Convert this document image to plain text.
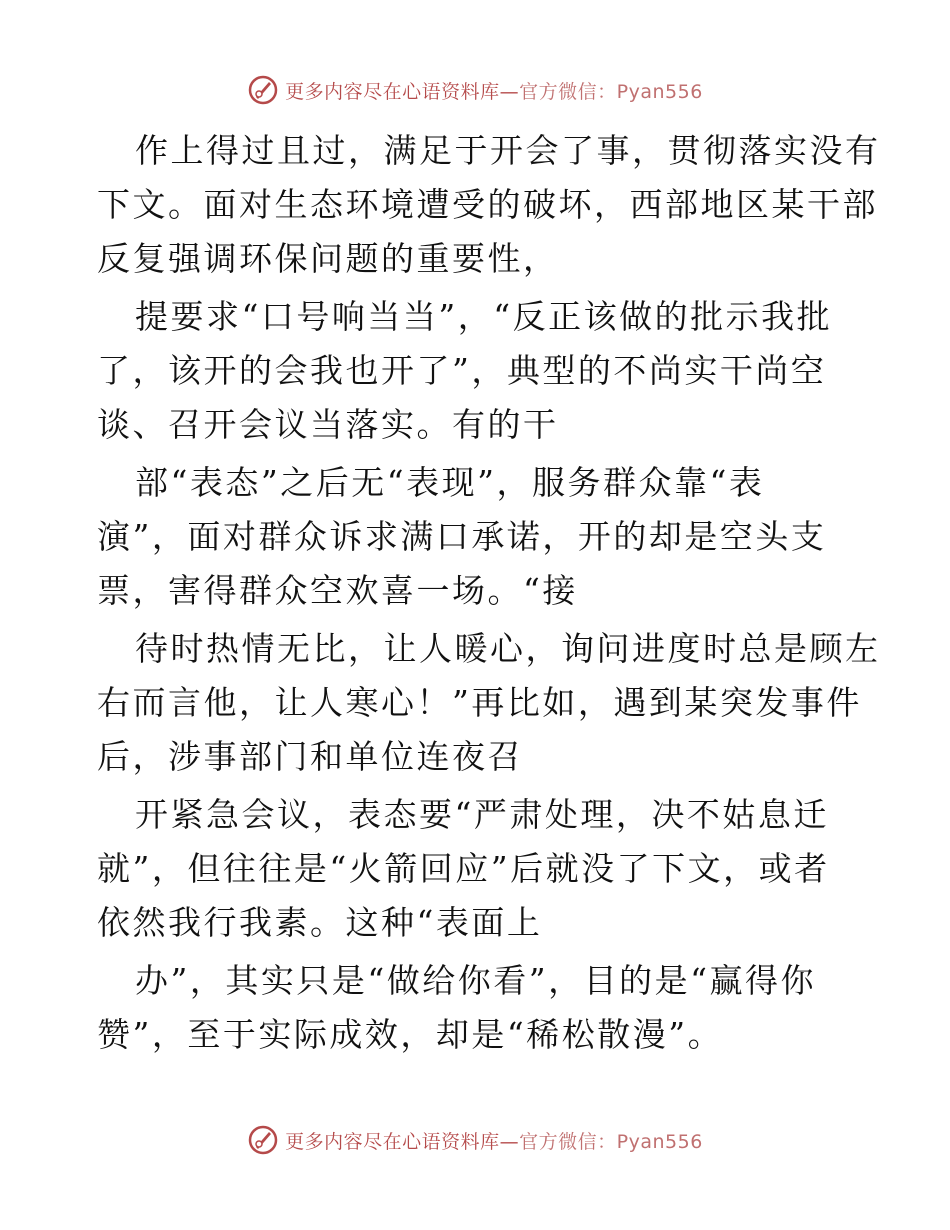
更多内容尽在心语资料库—官方微信：Pyan556
作上得过且过，满足于开会了事，贯彻落实没有
下文。面对生态环境遭受的破坏，西部地区某干部
反复强调环保问题的重要性，
提要求“口号响当当”，“反正该做的批示我批
了，该开的会我也开了”，典型的不尚实干尚空
谈、召开会议当落实。有的干
部“表态”之后无“表现”，服务群众靠“表
演”，面对群众诉求满口承诺，开的却是空头支
票，害得群众空欢喜一场。“接
待时热情无比，让人暖心，询问进度时总是顾左
右而言他，让人寒心！”再比如，遇到某突发事件
后，涉事部门和单位连夜召
开紧急会议，表态要“严肃处理，决不姑息迁
就”，但往往是“火箭回应”后就没了下文，或者
依然我行我素。这种“表面上
办”，其实只是“做给你看”，目的是“赢得你
赞”，至于实际成效，却是“稀松散漫”。
更多内容尽在心语资料库—官方微信：Pyan556
